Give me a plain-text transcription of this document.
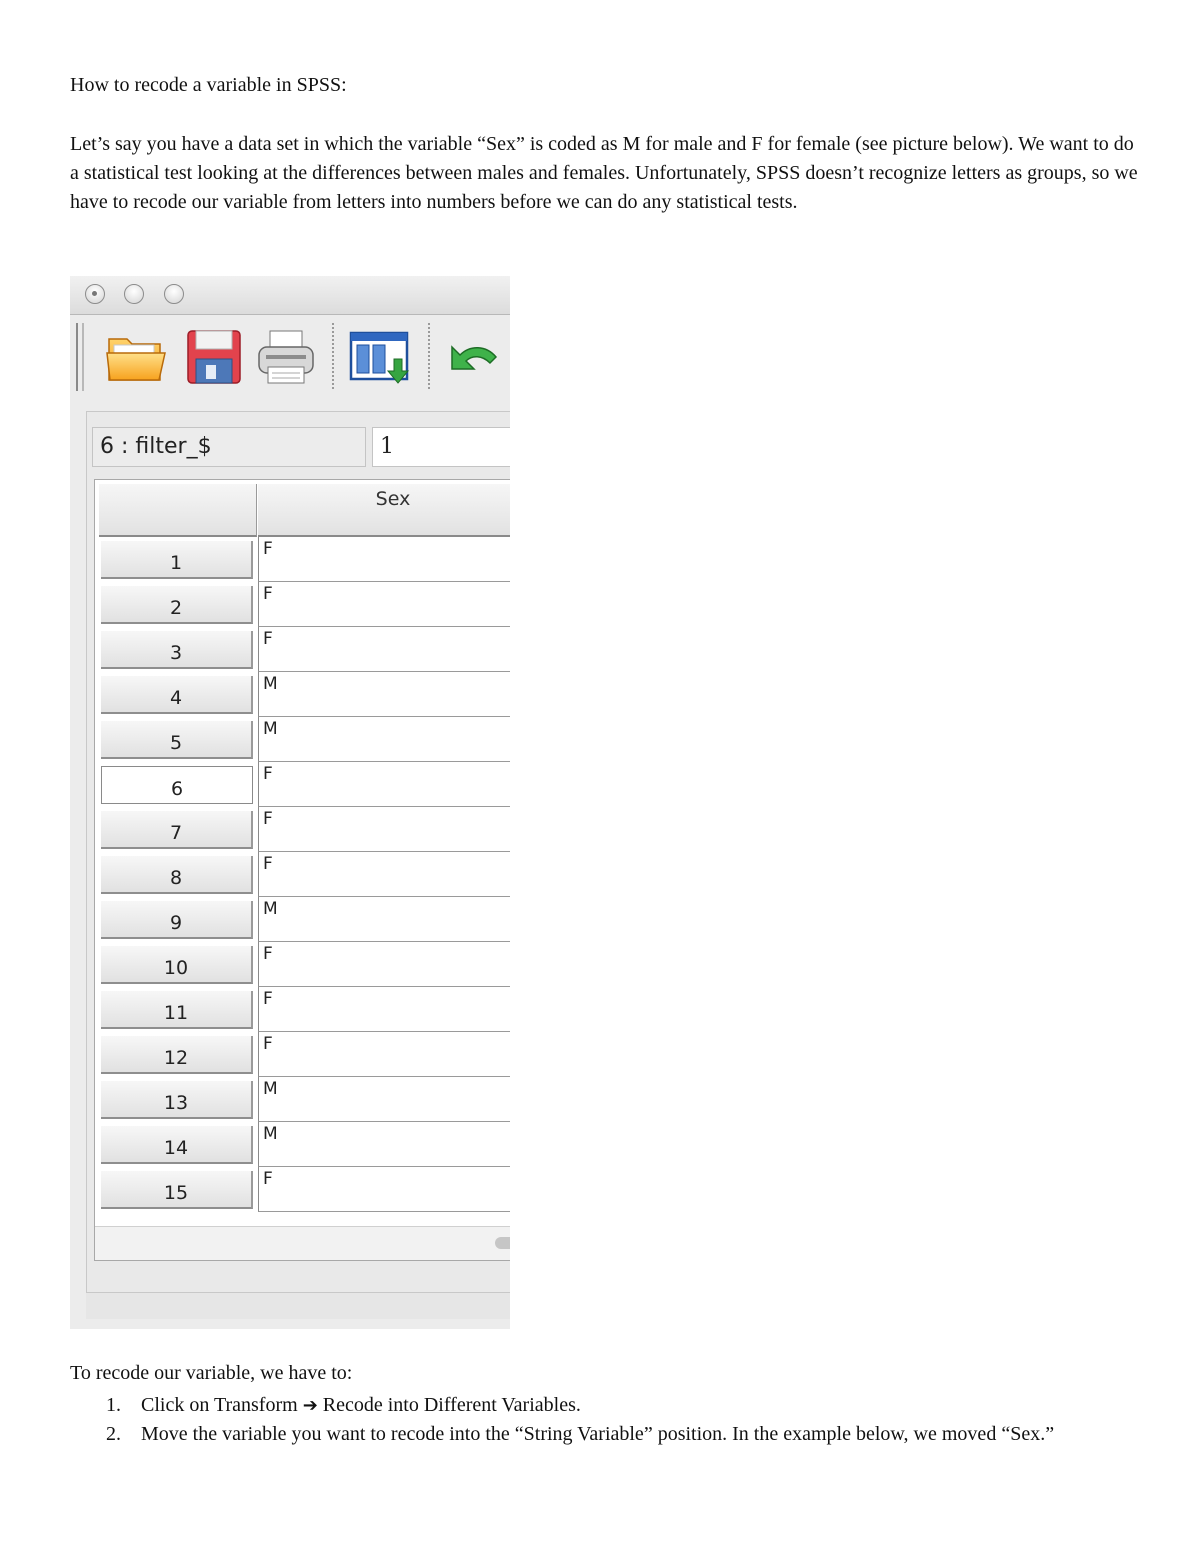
How to recode a variable in SPSS:
Let’s say you have a data set in which the variable “Sex” is coded as M for male and F for female (see picture below). We want to do a statistical test looking at the differences between males and females. Unfortunately, SPSS doesn’t recognize letters as groups, so we have to recode our variable from letters into numbers before we can do any statistical tests.
6 : filter_$	1
Sex
1
F
2
F
3
F
4
M
5
M
6
F
7
F
8
F
9
M
10
F
11
F
12
F
13
M
14
M
15
F
To recode our variable, we have to:
1. Click on Transform ➔ Recode into Different Variables.
2. Move the variable you want to recode into the “String Variable” position. In the example below, we moved “Sex.”
